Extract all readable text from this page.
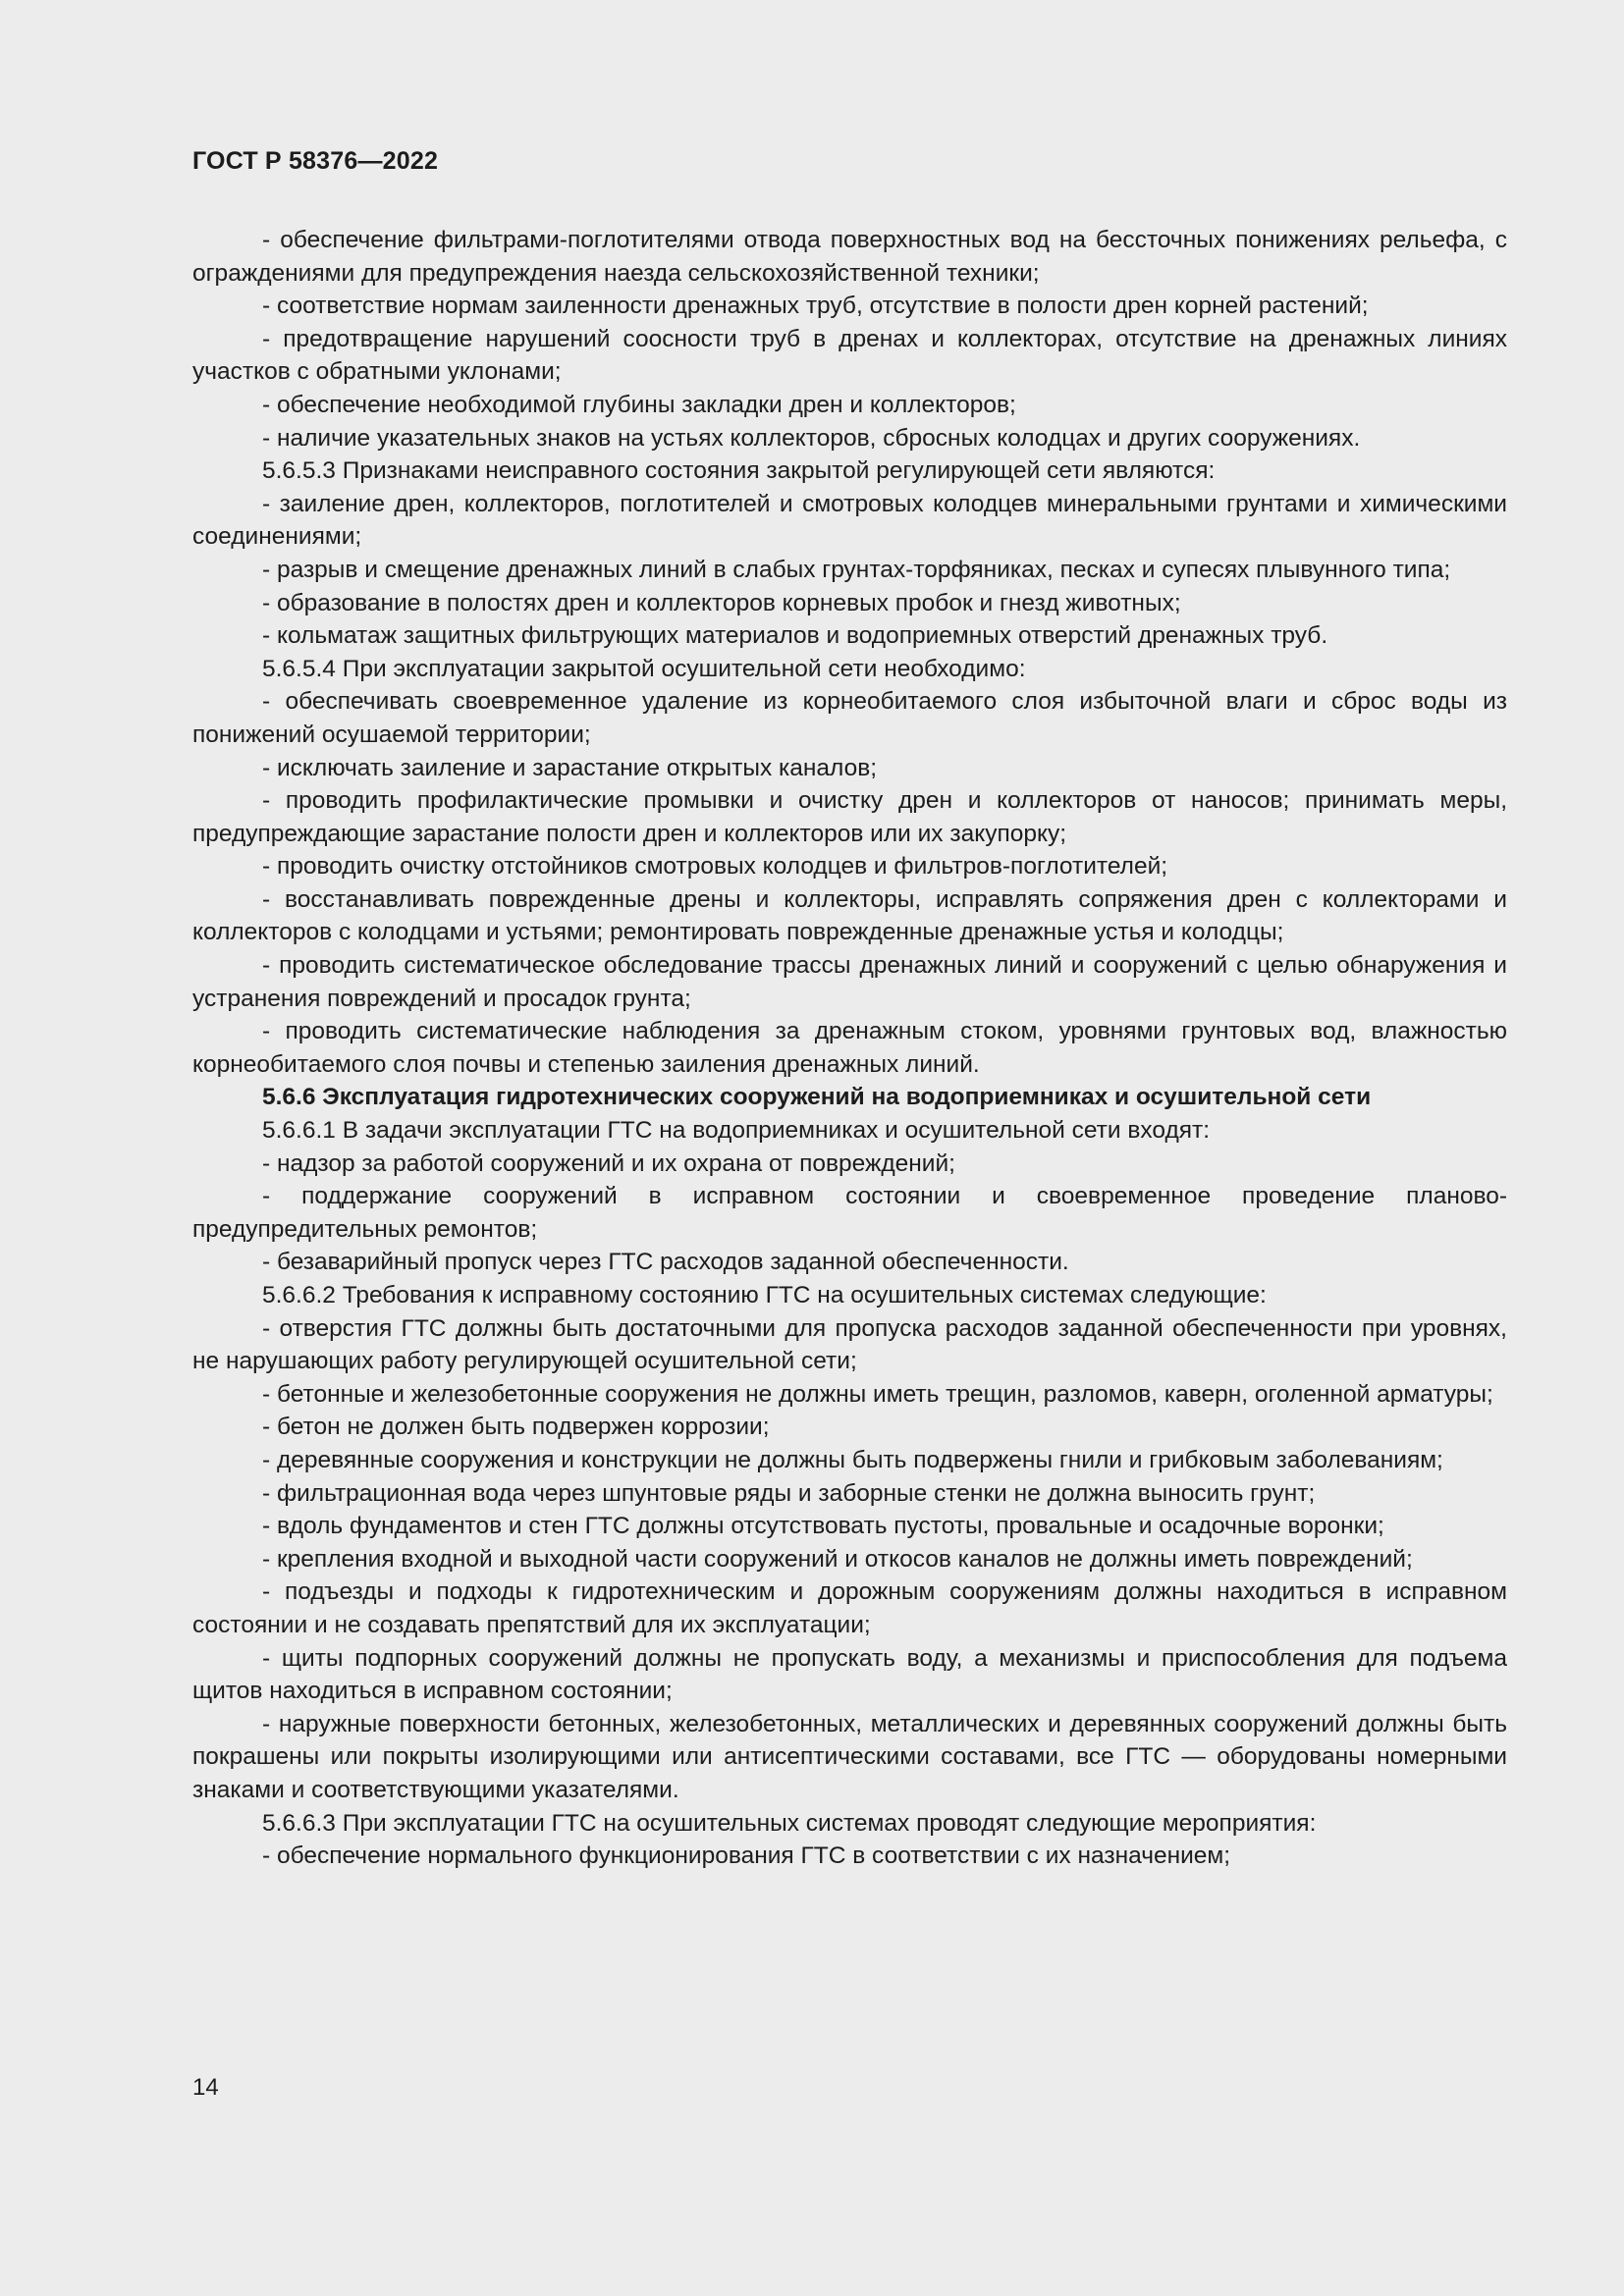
ГОСТ Р 58376—2022

- обеспечение фильтрами-поглотителями отвода поверхностных вод на бессточных понижениях рельефа, с ограждениями для предупреждения наезда сельскохозяйственной техники;

- соответствие нормам заиленности дренажных труб, отсутствие в полости дрен корней растений;

- предотвращение нарушений соосности труб в дренах и коллекторах, отсутствие на дренажных линиях участков с обратными уклонами;

- обеспечение необходимой глубины закладки дрен и коллекторов;

- наличие указательных знаков на устьях коллекторов, сбросных колодцах и других сооружениях.

5.6.5.3 Признаками неисправного состояния закрытой регулирующей сети являются:

- заиление дрен, коллекторов, поглотителей и смотровых колодцев минеральными грунтами и химическими соединениями;

- разрыв и смещение дренажных линий в слабых грунтах-торфяниках, песках и супесях плывунного типа;

- образование в полостях дрен и коллекторов корневых пробок и гнезд животных;

- кольматаж защитных фильтрующих материалов и водоприемных отверстий дренажных труб.

5.6.5.4 При эксплуатации закрытой осушительной сети необходимо:

- обеспечивать своевременное удаление из корнеобитаемого слоя избыточной влаги и сброс воды из понижений осушаемой территории;

- исключать заиление и зарастание открытых каналов;

- проводить профилактические промывки и очистку дрен и коллекторов от наносов; принимать меры, предупреждающие зарастание полости дрен и коллекторов или их закупорку;

- проводить очистку отстойников смотровых колодцев и фильтров-поглотителей;

- восстанавливать поврежденные дрены и коллекторы, исправлять сопряжения дрен с коллекторами и коллекторов с колодцами и устьями; ремонтировать поврежденные дренажные устья и колодцы;

- проводить систематическое обследование трассы дренажных линий и сооружений с целью обнаружения и устранения повреждений и просадок грунта;

- проводить систематические наблюдения за дренажным стоком, уровнями грунтовых вод, влажностью корнеобитаемого слоя почвы и степенью заиления дренажных линий.

5.6.6 Эксплуатация гидротехнических сооружений на водоприемниках и осушительной сети

5.6.6.1 В задачи эксплуатации ГТС на водоприемниках и осушительной сети входят:

- надзор за работой сооружений и их охрана от повреждений;

- поддержание сооружений в исправном состоянии и своевременное проведение планово-предупредительных ремонтов;

- безаварийный пропуск через ГТС расходов заданной обеспеченности.

5.6.6.2 Требования к исправному состоянию ГТС на осушительных системах следующие:

- отверстия ГТС должны быть достаточными для пропуска расходов заданной обеспеченности при уровнях, не нарушающих работу регулирующей осушительной сети;

- бетонные и железобетонные сооружения не должны иметь трещин, разломов, каверн, оголенной арматуры;

- бетон не должен быть подвержен коррозии;

- деревянные сооружения и конструкции не должны быть подвержены гнили и грибковым заболеваниям;

- фильтрационная вода через шпунтовые ряды и заборные стенки не должна выносить грунт;

- вдоль фундаментов и стен ГТС должны отсутствовать пустоты, провальные и осадочные воронки;

- крепления входной и выходной части сооружений и откосов каналов не должны иметь повреждений;

- подъезды и подходы к гидротехническим и дорожным сооружениям должны находиться в исправном состоянии и не создавать препятствий для их эксплуатации;

- щиты подпорных сооружений должны не пропускать воду, а механизмы и приспособления для подъема щитов находиться в исправном состоянии;

- наружные поверхности бетонных, железобетонных, металлических и деревянных сооружений должны быть покрашены или покрыты изолирующими или антисептическими составами, все ГТС — оборудованы номерными знаками и соответствующими указателями.

5.6.6.3 При эксплуатации ГТС на осушительных системах проводят следующие мероприятия:

- обеспечение нормального функционирования ГТС в соответствии с их назначением;

14
